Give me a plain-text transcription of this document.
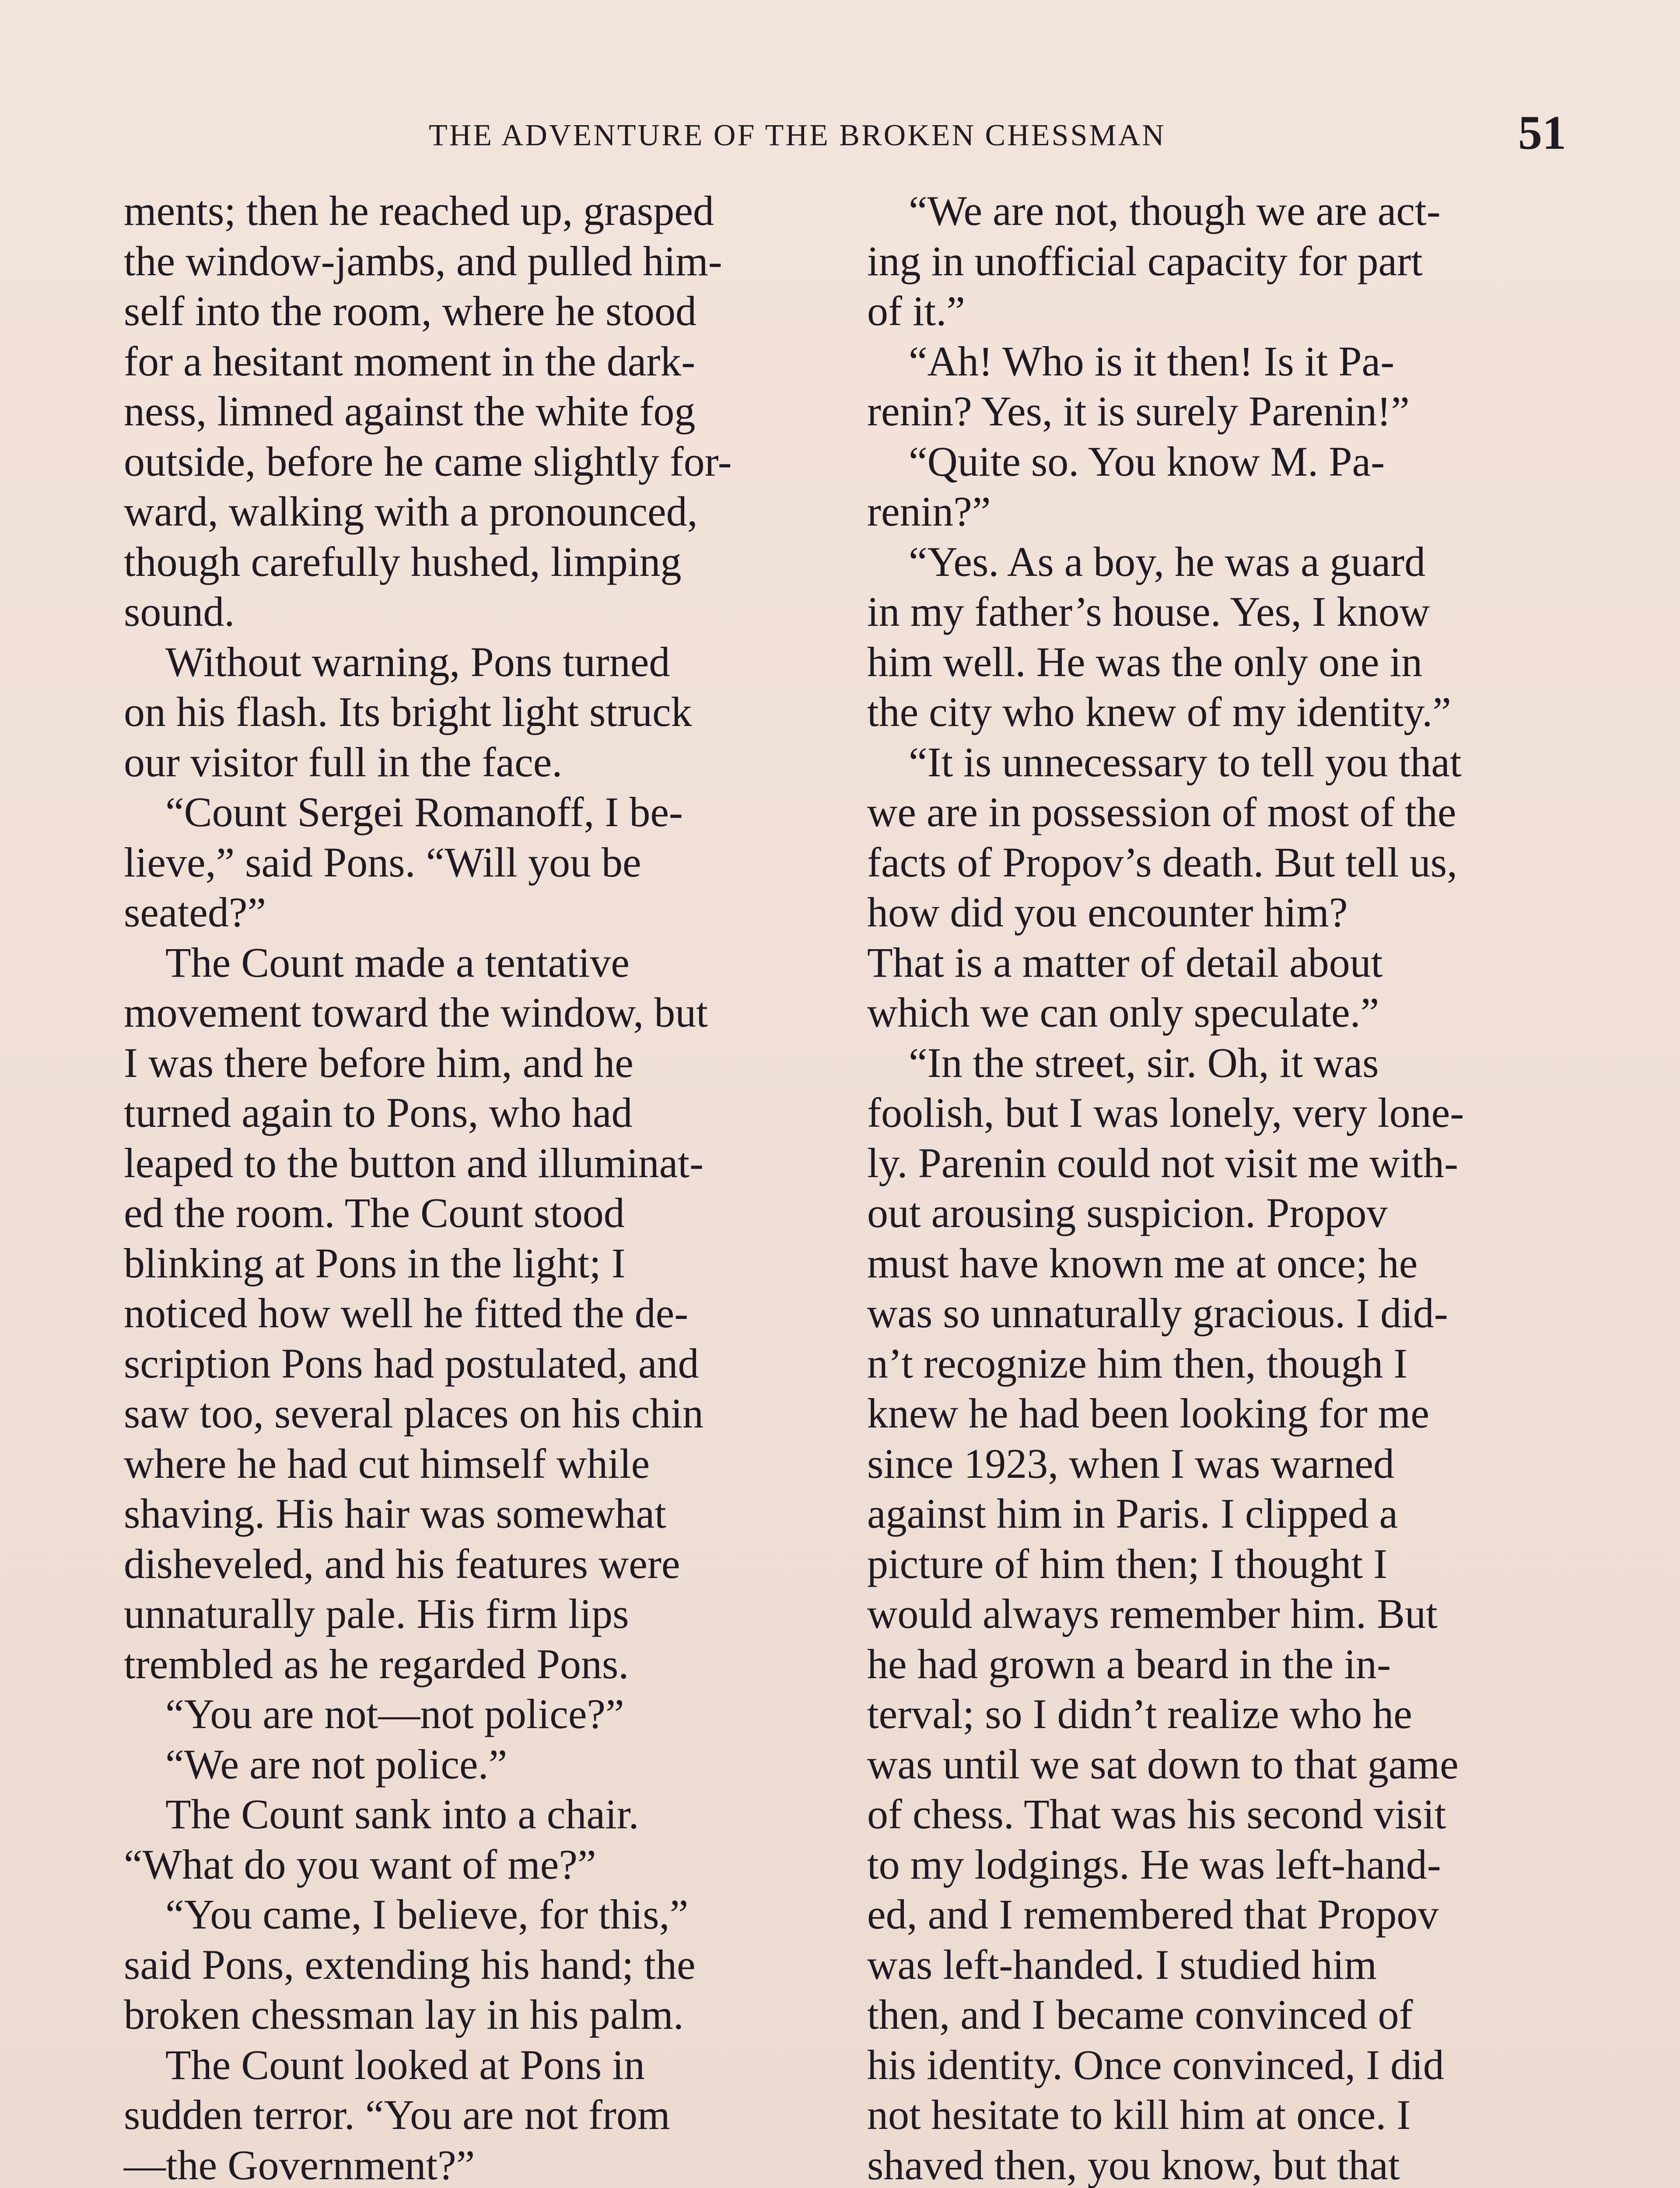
THE ADVENTURE OF THE BROKEN CHESSMAN	51
ments; then he reached up, grasped
the window-jambs, and pulled him-
self into the room, where he stood
for a hesitant moment in the dark-
ness, limned against the white fog
outside, before he came slightly for-
ward, walking with a pronounced,
though carefully hushed, limping
sound.
Without warning, Pons turned
on his flash. Its bright light struck
our visitor full in the face.
“Count Sergei Romanoff, I be-
lieve,” said Pons. “Will you be
seated?”
The Count made a tentative
movement toward the window, but
I was there before him, and he
turned again to Pons, who had
leaped to the button and illuminat-
ed the room. The Count stood
blinking at Pons in the light; I
noticed how well he fitted the de-
scription Pons had postulated, and
saw too, several places on his chin
where he had cut himself while
shaving. His hair was somewhat
disheveled, and his features were
unnaturally pale. His firm lips
trembled as he regarded Pons.
“You are not—not police?”
“We are not police.”
The Count sank into a chair.
“What do you want of me?”
“You came, I believe, for this,”
said Pons, extending his hand; the
broken chessman lay in his palm.
The Count looked at Pons in
sudden terror. “You are not from
—the Government?”
“We are not, though we are act-
ing in unofficial capacity for part
of it.”
“Ah! Who is it then! Is it Pa-
renin? Yes, it is surely Parenin!”
“Quite so. You know M. Pa-
renin?”
“Yes. As a boy, he was a guard
in my father’s house. Yes, I know
him well. He was the only one in
the city who knew of my identity.”
“It is unnecessary to tell you that
we are in possession of most of the
facts of Propov’s death. But tell us,
how did you encounter him?
That is a matter of detail about
which we can only speculate.”
“In the street, sir. Oh, it was
foolish, but I was lonely, very lone-
ly. Parenin could not visit me with-
out arousing suspicion. Propov
must have known me at once; he
was so unnaturally gracious. I did-
n’t recognize him then, though I
knew he had been looking for me
since 1923, when I was warned
against him in Paris. I clipped a
picture of him then; I thought I
would always remember him. But
he had grown a beard in the in-
terval; so I didn’t realize who he
was until we sat down to that game
of chess. That was his second visit
to my lodgings. He was left-hand-
ed, and I remembered that Propov
was left-handed. I studied him
then, and I became convinced of
his identity. Once convinced, I did
not hesitate to kill him at once. I
shaved then, you know, but that
